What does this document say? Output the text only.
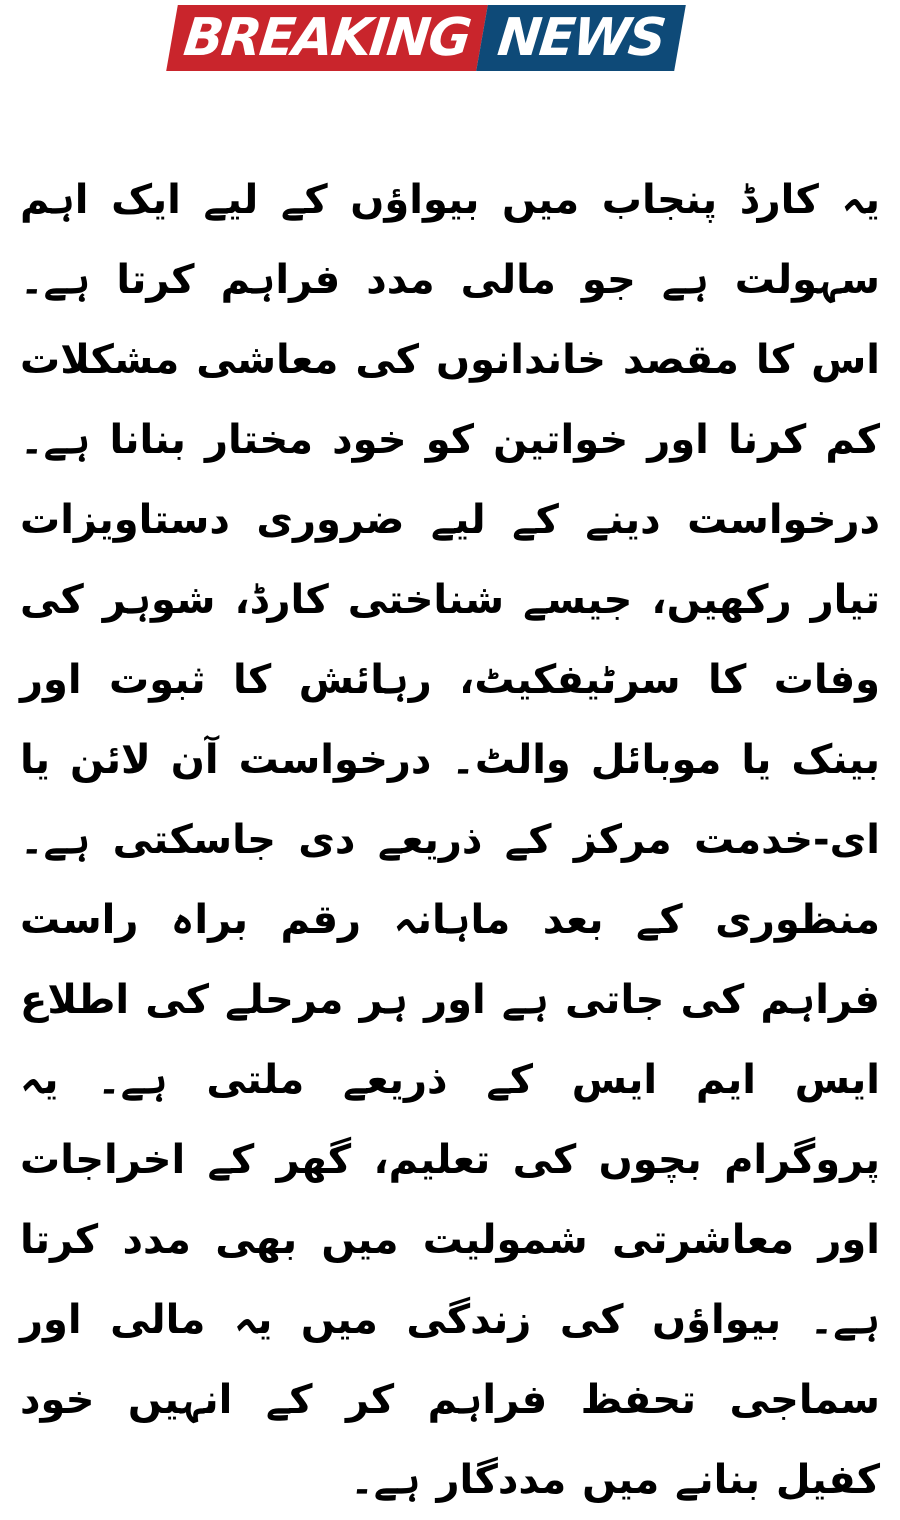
BREAKING NEWS

یہ کارڈ پنجاب میں بیواؤں کے لیے ایک اہم سہولت ہے جو مالی مدد فراہم کرتا ہے۔ اس کا مقصد خاندانوں کی معاشی مشکلات کم کرنا اور خواتین کو خود مختار بنانا ہے۔ درخواست دینے کے لیے ضروری دستاویزات تیار رکھیں، جیسے شناختی کارڈ، شوہر کی وفات کا سرٹیفکیٹ، رہائش کا ثبوت اور بینک یا موبائل والٹ۔ درخواست آن لائن یا ای-خدمت مرکز کے ذریعے دی جاسکتی ہے۔ منظوری کے بعد ماہانہ رقم براہ راست فراہم کی جاتی ہے اور ہر مرحلے کی اطلاع ایس ایم ایس کے ذریعے ملتی ہے۔ یہ پروگرام بچوں کی تعلیم، گھر کے اخراجات اور معاشرتی شمولیت میں بھی مدد کرتا ہے۔ بیواؤں کی زندگی میں یہ مالی اور سماجی تحفظ فراہم کر کے انہیں خود کفیل بنانے میں مددگار ہے۔
